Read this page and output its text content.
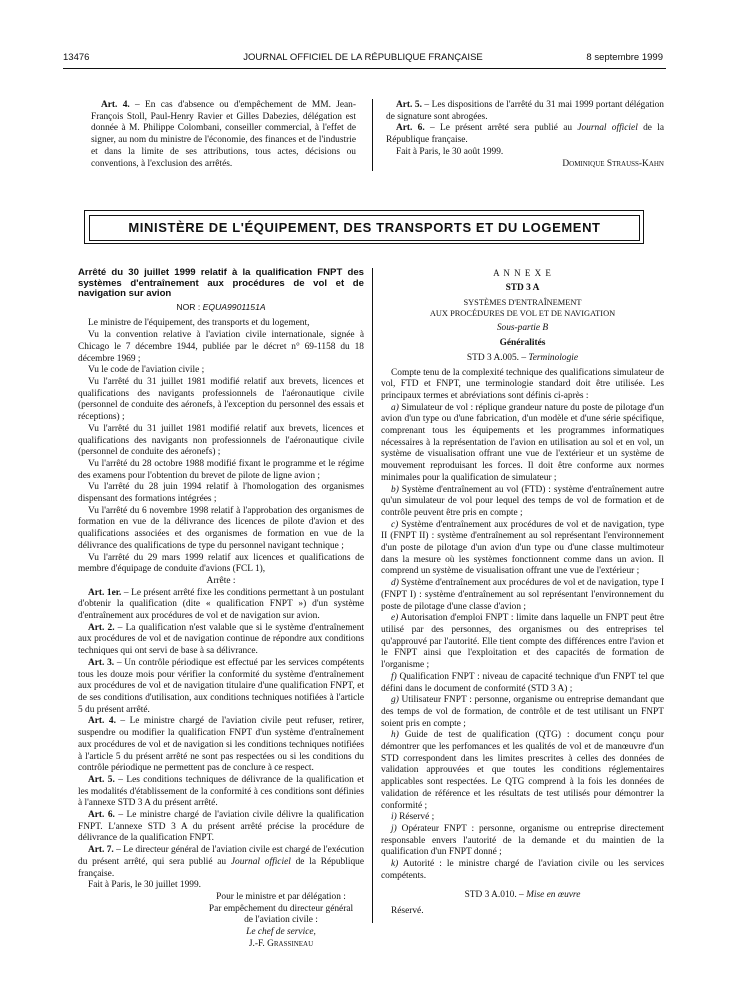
13476	JOURNAL OFFICIEL DE LA RÉPUBLIQUE FRANÇAISE	8 septembre 1999

Art. 4. – En cas d'absence ou d'empêchement de MM. Jean-François Stoll, Paul-Henry Ravier et Gilles Dabezies, délégation est donnée à M. Philippe Colombani, conseiller commercial, à l'effet de signer, au nom du ministre de l'économie, des finances et de l'industrie et dans la limite de ses attributions, tous actes, décisions ou conventions, à l'exclusion des arrêtés.

Art. 5. – Les dispositions de l'arrêté du 31 mai 1999 portant délégation de signature sont abrogées.

Art. 6. – Le présent arrêté sera publié au Journal officiel de la République française.

Fait à Paris, le 30 août 1999.

Dominique Strauss-Kahn

MINISTÈRE DE L'ÉQUIPEMENT, DES TRANSPORTS ET DU LOGEMENT
Arrêté du 30 juillet 1999 relatif à la qualification FNPT des systèmes d'entraînement aux procédures de vol et de navigation sur avion
NOR : EQUA9901151A

Le ministre de l'équipement, des transports et du logement,

Vu la convention relative à l'aviation civile internationale, signée à Chicago le 7 décembre 1944, publiée par le décret n° 69-1158 du 18 décembre 1969 ;

Vu le code de l'aviation civile ;

Vu l'arrêté du 31 juillet 1981 modifié relatif aux brevets, licences et qualifications des navigants professionnels de l'aéronautique civile (personnel de conduite des aéronefs, à l'exception du personnel des essais et réceptions) ;

Vu l'arrêté du 31 juillet 1981 modifié relatif aux brevets, licences et qualifications des navigants non professionnels de l'aéronautique civile (personnel de conduite des aéronefs) ;

Vu l'arrêté du 28 octobre 1988 modifié fixant le programme et le régime des examens pour l'obtention du brevet de pilote de ligne avion ;

Vu l'arrêté du 28 juin 1994 relatif à l'homologation des organismes dispensant des formations intégrées ;

Vu l'arrêté du 6 novembre 1998 relatif à l'approbation des organismes de formation en vue de la délivrance des licences de pilote d'avion et des qualifications associées et des organismes de formation en vue de la délivrance des qualifications de type du personnel navigant technique ;

Vu l'arrêté du 29 mars 1999 relatif aux licences et qualifications de membre d'équipage de conduite d'avions (FCL 1),

Arrête :

Art. 1er. – Le présent arrêté fixe les conditions permettant à un postulant d'obtenir la qualification (dite « qualification FNPT ») d'un système d'entraînement aux procédures de vol et de navigation sur avion.

Art. 2. – La qualification n'est valable que si le système d'entraînement aux procédures de vol et de navigation continue de répondre aux conditions techniques qui ont servi de base à sa délivrance.

Art. 3. – Un contrôle périodique est effectué par les services compétents tous les douze mois pour vérifier la conformité du système d'entraînement aux procédures de vol et de navigation titulaire d'une qualification FNPT, et de ses conditions d'utilisation, aux conditions techniques notifiées à l'article 5 du présent arrêté.

Art. 4. – Le ministre chargé de l'aviation civile peut refuser, retirer, suspendre ou modifier la qualification FNPT d'un système d'entraînement aux procédures de vol et de navigation si les conditions techniques notifiées à l'article 5 du présent arrêté ne sont pas respectées ou si les conditions du contrôle périodique ne permettent pas de conclure à ce respect.

Art. 5. – Les conditions techniques de délivrance de la qualification et les modalités d'établissement de la conformité à ces conditions sont définies à l'annexe STD 3 A du présent arrêté.

Art. 6. – Le ministre chargé de l'aviation civile délivre la qualification FNPT. L'annexe STD 3 A du présent arrêté précise la procédure de délivrance de la qualification FNPT.

Art. 7. – Le directeur général de l'aviation civile est chargé de l'exécution du présent arrêté, qui sera publié au Journal officiel de la République française.

Fait à Paris, le 30 juillet 1999.

Pour le ministre et par délégation :
Par empêchement du directeur général
de l'aviation civile :
Le chef de service,
J.-F. Grassineau

A N N E X E

STD 3 A

SYSTÈMES D'ENTRAÎNEMENT

AUX PROCÉDURES DE VOL ET DE NAVIGATION

Sous-partie B

Généralités

STD 3 A.005. – Terminologie

Compte tenu de la complexité technique des qualifications simulateur de vol, FTD et FNPT, une terminologie standard doit être utilisée. Les principaux termes et abréviations sont définis ci-après :

a) Simulateur de vol : réplique grandeur nature du poste de pilotage d'un avion d'un type ou d'une fabrication, d'un modèle et d'une série spécifique, comprenant tous les équipements et les programmes informatiques nécessaires à la représentation de l'avion en utilisation au sol et en vol, un système de visualisation offrant une vue de l'extérieur et un système de mouvement reproduisant les forces. Il doit être conforme aux normes minimales pour la qualification de simulateur ;

b) Système d'entraînement au vol (FTD) : système d'entraînement autre qu'un simulateur de vol pour lequel des temps de vol de formation et de contrôle peuvent être pris en compte ;

c) Système d'entraînement aux procédures de vol et de navigation, type II (FNPT II) : système d'entraînement au sol représentant l'environnement d'un poste de pilotage d'un avion d'un type ou d'une classe multimoteur dans la mesure où les systèmes fonctionnent comme dans un avion. Il comprend un système de visualisation offrant une vue de l'extérieur ;

d) Système d'entraînement aux procédures de vol et de navigation, type I (FNPT I) : système d'entraînement au sol représentant l'environnement du poste de pilotage d'une classe d'avion ;

e) Autorisation d'emploi FNPT : limite dans laquelle un FNPT peut être utilisé par des personnes, des organismes ou des entreprises tel qu'approuvé par l'autorité. Elle tient compte des différences entre l'avion et le FNPT ainsi que l'exploitation et des capacités de formation de l'organisme ;

f) Qualification FNPT : niveau de capacité technique d'un FNPT tel que défini dans le document de conformité (STD 3 A) ;

g) Utilisateur FNPT : personne, organisme ou entreprise demandant que des temps de vol de formation, de contrôle et de test utilisant un FNPT soient pris en compte ;

h) Guide de test de qualification (QTG) : document conçu pour démontrer que les perfomances et les qualités de vol et de manœuvre d'un STD correspondent dans les limites prescrites à celles des données de validation approuvées et que toutes les conditions réglementaires applicables sont respectées. Le QTG comprend à la fois les données de validation de référence et les résultats de test utilisés pour démontrer la conformité ;

i) Réservé ;

j) Opérateur FNPT : personne, organisme ou entreprise directement responsable envers l'autorité de la demande et du maintien de la qualification d'un FNPT donné ;

k) Autorité : le ministre chargé de l'aviation civile ou les services compétents.

STD 3 A.010. – Mise en œuvre

Réservé.
